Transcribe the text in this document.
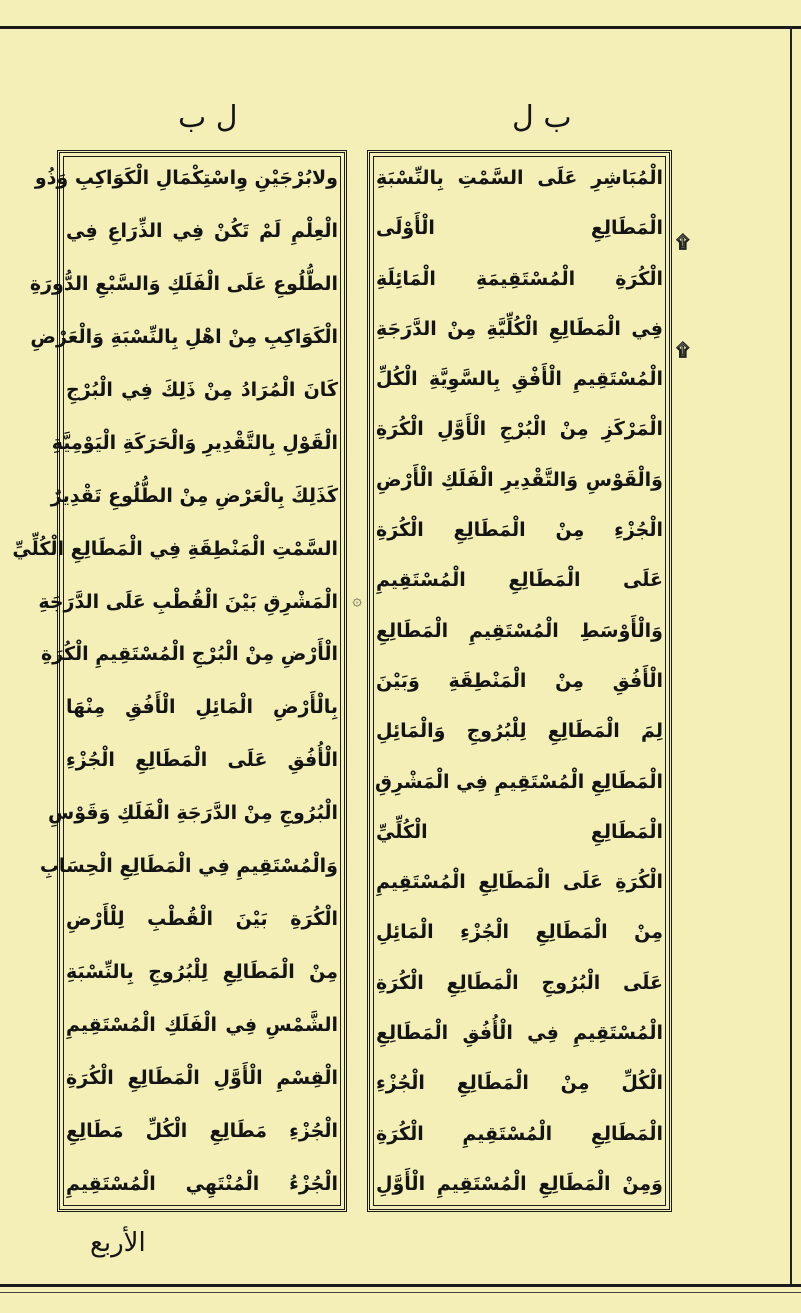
ل ب	ب ل
ولابُرْجَيْنِ وِاسْتِكْمَالِ الْكَوَاكِبِ وَذُو
الْعِلْمِ لَمْ تَكُنْ فِي الذِّرَاعِ فِي
الطُّلُوعِ عَلَى الْفَلَكِ وَالسَّبْعِ الدُّورَةِ
الْكَوَاكِبِ مِنْ اهْلِ بِالنِّسْبَةِ وَالْعَرْضِ
كَانَ الْمُرَادُ مِنْ ذَلِكَ فِي الْبُرْجِ
الْقَوْلِ بِالتَّقْدِيرِ وَالْحَرَكَةِ الْيَوْمِيَّةِ
كَذَلِكَ بِالْعَرْضِ مِنْ الطُّلُوعِ تَقْدِيرٌ
السَّمْتِ الْمَنْطِقَةِ فِي الْمَطَالِعِ الْكُلِّيِّ
الْمَشْرِقِ بَيْنَ الْقُطْبِ عَلَى الدَّرَجَةِ
الْأَرْضِ مِنْ الْبُرْجِ الْمُسْتَقِيمِ الْكُرَةِ
بِالْأَرْضِ الْمَائِلِ الْأَفُقِ مِنْهَا
الْأُفُقِ عَلَى الْمَطَالِعِ الْجُزْءِ
الْبُرُوجِ مِنْ الدَّرَجَةِ الْفَلَكِ وَقَوْسِ
وَالْمُسْتَقِيمِ فِي الْمَطَالِعِ الْحِسَابِ
الْكُرَةِ بَيْنَ الْقُطْبِ لِلْأَرْضِ
مِنْ الْمَطَالِعِ لِلْبُرُوجِ بِالنِّسْبَةِ
الشَّمْسِ فِي الْفَلَكِ الْمُسْتَقِيمِ
الْقِسْمِ الْأَوَّلِ الْمَطَالِعِ الْكُرَةِ
الْجُزْءِ مَطَالِعِ الْكُلِّ مَطَالِعِ
الْجُزْءُ الْمُنْتَهِي الْمُسْتَقِيمِ
الْمُبَاشِرِ عَلَى السَّمْتِ بِالنِّسْبَةِ
الْمَطَالِعِ الْأَوْلَى
الْكُرَةِ الْمُسْتَقِيمَةِ الْمَائِلَةِ
فِي الْمَطَالِعِ الْكُلِّيَّةِ مِنْ الدَّرَجَةِ
الْمُسْتَقِيمِ الْأَفْقِ بِالسَّوِيَّةِ الْكُلِّ
الْمَرْكَزِ مِنْ الْبُرْجِ الْأَوَّلِ الْكُرَةِ
وَالْقَوْسِ وَالتَّقْدِيرِ الْفَلَكِ الْأَرْضِ
الْجُزْءِ مِنْ الْمَطَالِعِ الْكُرَةِ
عَلَى الْمَطَالِعِ الْمُسْتَقِيمِ
وَالْأَوْسَطِ الْمُسْتَقِيمِ الْمَطَالِعِ
الْأَفُقِ مِنْ الْمَنْطِقَةِ وَبَيْنَ
لِمَ الْمَطَالِعِ لِلْبُرُوجِ وَالْمَائِلِ
الْمَطَالِعِ الْمُسْتَقِيمِ فِي الْمَشْرِقِ
الْمَطَالِعِ الْكُلِّيِّ
الْكُرَةِ عَلَى الْمَطَالِعِ الْمُسْتَقِيمِ
مِنْ الْمَطَالِعِ الْجُزْءِ الْمَائِلِ
عَلَى الْبُرُوجِ الْمَطَالِعِ الْكُرَةِ
الْمُسْتَقِيمِ فِي الْأُفُقِ الْمَطَالِعِ
الْكُلِّ مِنْ الْمَطَالِعِ الْجُزْءِ
الْمَطَالِعِ الْمُسْتَقِيمِ الْكُرَةِ
وَمِنْ الْمَطَالِعِ الْمُسْتَقِيمِ الْأَوَّلِ
۞
۩
۩
الأربع
